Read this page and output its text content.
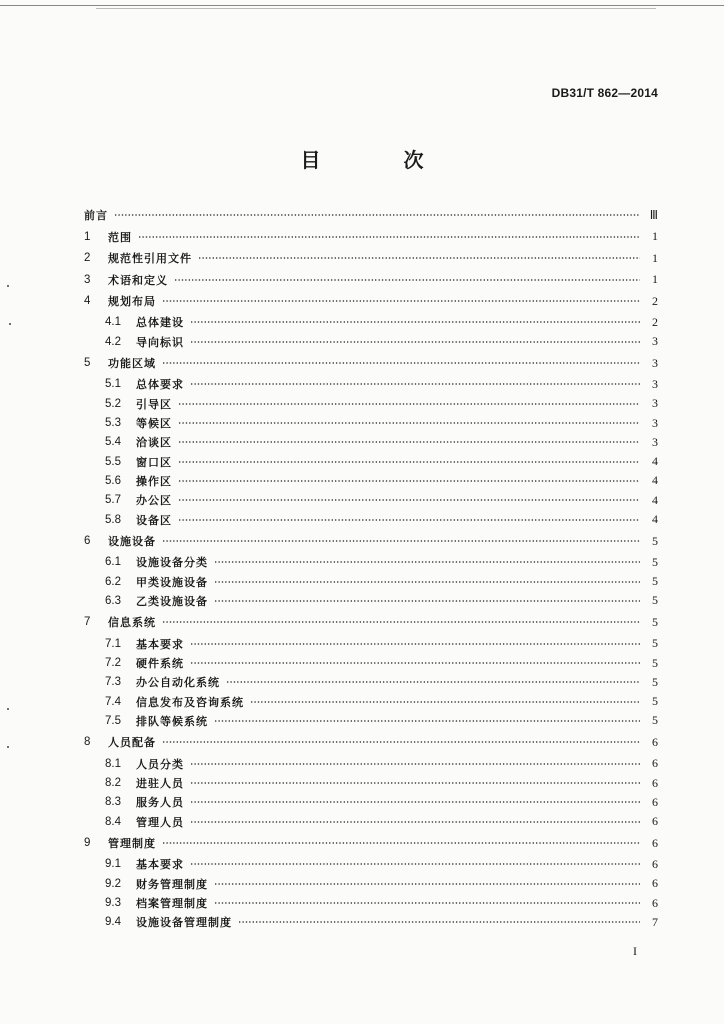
DB31/T 862—2014
目 次
前言	Ⅲ
1	范围	1
2	规范性引用文件	1
3	术语和定义	1
4	规划布局	2
4.1	总体建设	2
4.2	导向标识	3
5	功能区域	3
5.1	总体要求	3
5.2	引导区	3
5.3	等候区	3
5.4	洽谈区	3
5.5	窗口区	4
5.6	操作区	4
5.7	办公区	4
5.8	设备区	4
6	设施设备	5
6.1	设施设备分类	5
6.2	甲类设施设备	5
6.3	乙类设施设备	5
7	信息系统	5
7.1	基本要求	5
7.2	硬件系统	5
7.3	办公自动化系统	5
7.4	信息发布及咨询系统	5
7.5	排队等候系统	5
8	人员配备	6
8.1	人员分类	6
8.2	进驻人员	6
8.3	服务人员	6
8.4	管理人员	6
9	管理制度	6
9.1	基本要求	6
9.2	财务管理制度	6
9.3	档案管理制度	6
9.4	设施设备管理制度	7
I
